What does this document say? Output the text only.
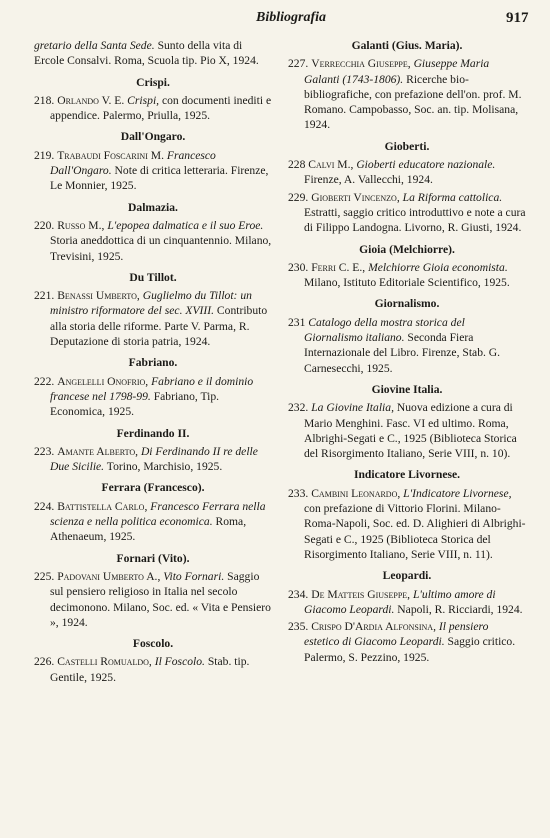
Bibliografia	917

gretario della Santa Sede. Sunto della vita di Ercole Consalvi. Roma, Scuola tip. Pio X, 1924.

Crispi.

218. Orlando V. E. Crispi, con documenti inediti e appendice. Palermo, Priulla, 1925.

Dall'Ongaro.

219. Trabaudi Foscarini M. Francesco Dall'Ongaro. Note di critica letteraria. Firenze, Le Monnier, 1925.

Dalmazia.

220. Russo M., L'epopea dalmatica e il suo Eroe. Storia aneddottica di un cinquantennio. Milano, Trevisini, 1925.

Du Tillot.

221. Benassi Umberto, Guglielmo du Tillot: un ministro riformatore del sec. XVIII. Contributo alla storia delle riforme. Parte V. Parma, R. Deputazione di storia patria, 1924.

Fabriano.

222. Angelelli Onofrio, Fabriano e il dominio francese nel 1798-99. Fabriano, Tip. Economica, 1925.

Ferdinando II.

223. Amante Alberto, Di Ferdinando II re delle Due Sicilie. Torino, Marchisio, 1925.

Ferrara (Francesco).

224. Battistella Carlo, Francesco Ferrara nella scienza e nella politica economica. Roma, Athenaeum, 1925.

Fornari (Vito).

225. Padovani Umberto A., Vito Fornari. Saggio sul pensiero religioso in Italia nel secolo decimonono. Milano, Soc. ed. « Vita e Pensiero », 1924.

Foscolo.

226. Castelli Romualdo, Il Foscolo. Stab. tip. Gentile, 1925.

Galanti (Gius. Maria).

227. Verrecchia Giuseppe, Giuseppe Maria Galanti (1743-1806). Ricerche bio-bibliografiche, con prefazione dell'on. prof. M. Romano. Campobasso, Soc. an. tip. Molisana, 1924.

Gioberti.

228 Calvi M., Gioberti educatore nazionale. Firenze, A. Vallecchi, 1924.

229. Gioberti Vincenzo, La Riforma cattolica. Estratti, saggio critico introduttivo e note a cura di Filippo Landogna. Livorno, R. Giusti, 1924.

Gioia (Melchiorre).

230. Ferri C. E., Melchiorre Gioia economista. Milano, Istituto Editoriale Scientifico, 1925.

Giornalismo.

231 Catalogo della mostra storica del Giornalismo italiano. Seconda Fiera Internazionale del Libro. Firenze, Stab. G. Carnesecchi, 1925.

Giovine Italia.

232. La Giovine Italia, Nuova edizione a cura di Mario Menghini. Fasc. VI ed ultimo. Roma, Albrighi-Segati e C., 1925 (Biblioteca Storica del Risorgimento Italiano, Serie VIII, n. 10).

Indicatore Livornese.

233. Cambini Leonardo, L'Indicatore Livornese, con prefazione di Vittorio Florini. Milano-Roma-Napoli, Soc. ed. D. Alighieri di Albrighi-Segati e C., 1925 (Biblioteca Storica del Risorgimento Italiano, Serie VIII, n. 11).

Leopardi.

234. De Matteis Giuseppe, L'ultimo amore di Giacomo Leopardi. Napoli, R. Ricciardi, 1924.

235. Crispo D'Ardia Alfonsina, Il pensiero estetico di Giacomo Leopardi. Saggio critico. Palermo, S. Pezzino, 1925.
